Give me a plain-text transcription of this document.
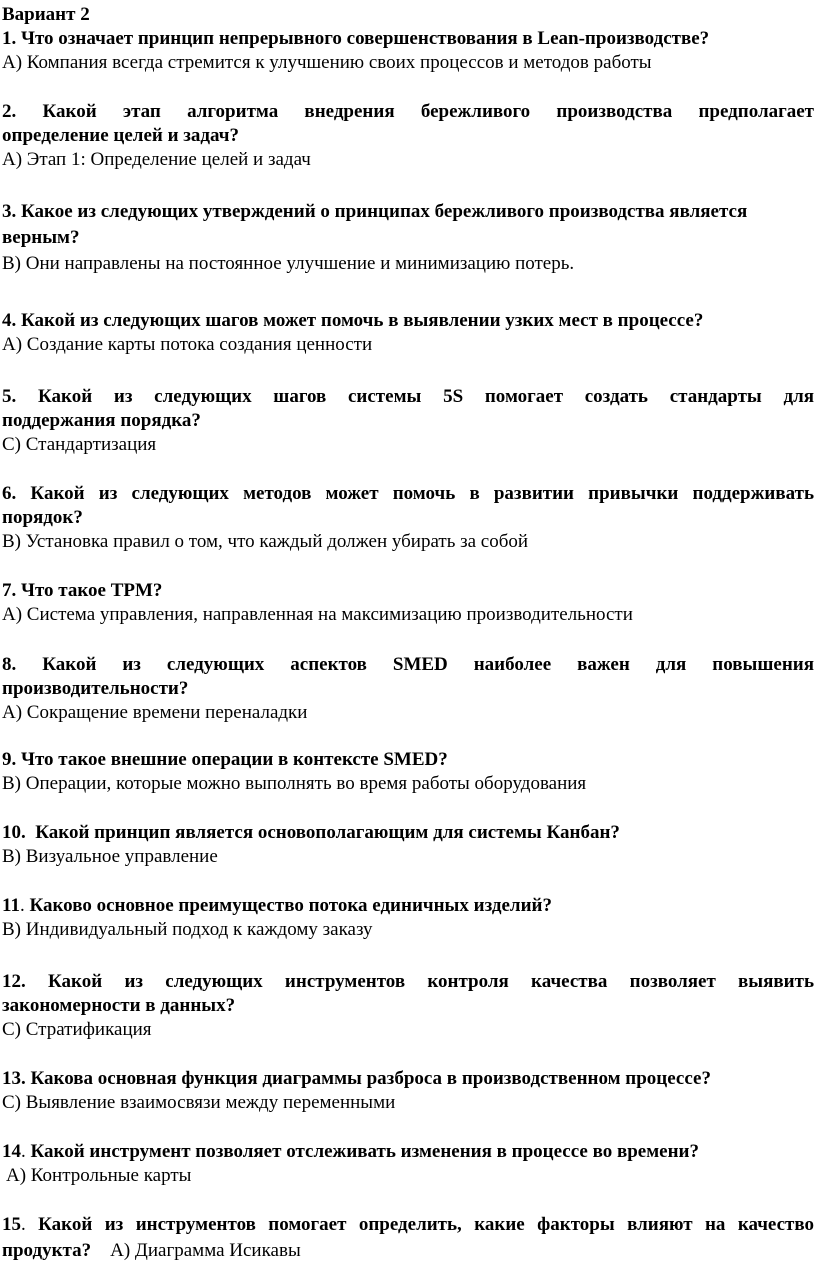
Вариант 2
1. Что означает принцип непрерывного совершенствования в Lean-производстве?
А) Компания всегда стремится к улучшению своих процессов и методов работы
2. Какой этап алгоритма внедрения бережливого производства предполагает
определение целей и задач?
А) Этап 1: Определение целей и задач
3. Какое из следующих утверждений о принципах бережливого производства является
верным?
В) Они направлены на постоянное улучшение и минимизацию потерь.
4. Какой из следующих шагов может помочь в выявлении узких мест в процессе?
А) Создание карты потока создания ценности
5. Какой из следующих шагов системы 5S помогает создать стандарты для
поддержания порядка?
С) Стандартизация
6. Какой из следующих методов может помочь в развитии привычки поддерживать
порядок?
В) Установка правил о том, что каждый должен убирать за собой
7. Что такое TPM?
А) Система управления, направленная на максимизацию производительности
8. Какой из следующих аспектов SMED наиболее важен для повышения
производительности?
А) Сокращение времени переналадки
9. Что такое внешние операции в контексте SMED?
В) Операции, которые можно выполнять во время работы оборудования
10. Какой принцип является основополагающим для системы Канбан?
В) Визуальное управление
11. Каково основное преимущество потока единичных изделий?
В) Индивидуальный подход к каждому заказу
12. Какой из следующих инструментов контроля качества позволяет выявить
закономерности в данных?
С) Стратификация
13. Какова основная функция диаграммы разброса в производственном процессе?
С) Выявление взаимосвязи между переменными
14. Какой инструмент позволяет отслеживать изменения в процессе во времени?
А) Контрольные карты
15. Какой из инструментов помогает определить, какие факторы влияют на качество
продукта? А) Диаграмма Исикавы
